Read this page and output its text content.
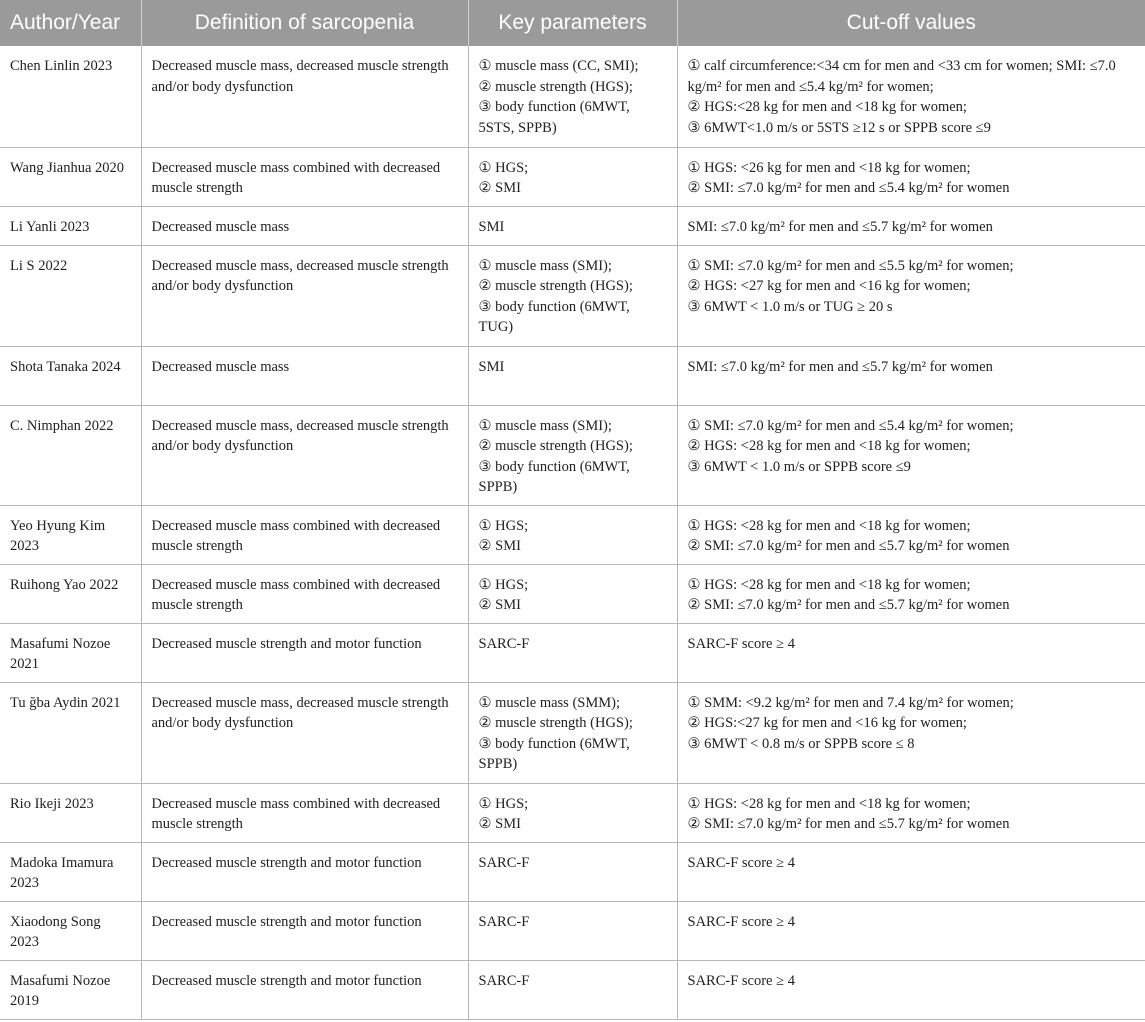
Author/Year	Definition of sarcopenia	Key parameters	Cut-off values
Chen Linlin 2023	Decreased muscle mass, decreased muscle strength and/or body dysfunction	① muscle mass (CC, SMI);
② muscle strength (HGS);
③ body function (6MWT, 5STS, SPPB)	① calf circumference:<34 cm for men and <33 cm for women; SMI: ≤7.0 kg/m² for men and ≤5.4 kg/m² for women;
② HGS:<28 kg for men and <18 kg for women;
③ 6MWT<1.0 m/s or 5STS ≥12 s or SPPB score ≤9
Wang Jianhua 2020	Decreased muscle mass combined with decreased muscle strength	① HGS;
② SMI	① HGS: <26 kg for men and <18 kg for women;
② SMI: ≤7.0 kg/m² for men and ≤5.4 kg/m² for women
Li Yanli 2023	Decreased muscle mass	SMI	SMI: ≤7.0 kg/m² for men and ≤5.7 kg/m² for women
Li S 2022	Decreased muscle mass, decreased muscle strength and/or body dysfunction	① muscle mass (SMI);
② muscle strength (HGS);
③ body function (6MWT, TUG)	① SMI: ≤7.0 kg/m² for men and ≤5.5 kg/m² for women;
② HGS: <27 kg for men and <16 kg for women;
③ 6MWT < 1.0 m/s or TUG ≥ 20 s
Shota Tanaka 2024	Decreased muscle mass	SMI	SMI: ≤7.0 kg/m² for men and ≤5.7 kg/m² for women
C. Nimphan 2022	Decreased muscle mass, decreased muscle strength and/or body dysfunction	① muscle mass (SMI);
② muscle strength (HGS);
③ body function (6MWT, SPPB)	① SMI: ≤7.0 kg/m² for men and ≤5.4 kg/m² for women;
② HGS: <28 kg for men and <18 kg for women;
③ 6MWT < 1.0 m/s or SPPB score ≤9
Yeo Hyung Kim 2023	Decreased muscle mass combined with decreased muscle strength	① HGS;
② SMI	① HGS: <28 kg for men and <18 kg for women;
② SMI: ≤7.0 kg/m² for men and ≤5.7 kg/m² for women
Ruihong Yao 2022	Decreased muscle mass combined with decreased muscle strength	① HGS;
② SMI	① HGS: <28 kg for men and <18 kg for women;
② SMI: ≤7.0 kg/m² for men and ≤5.7 kg/m² for women
Masafumi Nozoe 2021	Decreased muscle strength and motor function	SARC-F	SARC-F score ≥ 4
Tu ğba Aydin 2021	Decreased muscle mass, decreased muscle strength and/or body dysfunction	① muscle mass (SMM);
② muscle strength (HGS);
③ body function (6MWT, SPPB)	① SMM: <9.2 kg/m² for men and 7.4 kg/m² for women;
② HGS:<27 kg for men and <16 kg for women;
③ 6MWT < 0.8 m/s or SPPB score ≤ 8
Rio Ikeji 2023	Decreased muscle mass combined with decreased muscle strength	① HGS;
② SMI	① HGS: <28 kg for men and <18 kg for women;
② SMI: ≤7.0 kg/m² for men and ≤5.7 kg/m² for women
Madoka Imamura 2023	Decreased muscle strength and motor function	SARC-F	SARC-F score ≥ 4
Xiaodong Song 2023	Decreased muscle strength and motor function	SARC-F	SARC-F score ≥ 4
Masafumi Nozoe 2019	Decreased muscle strength and motor function	SARC-F	SARC-F score ≥ 4
